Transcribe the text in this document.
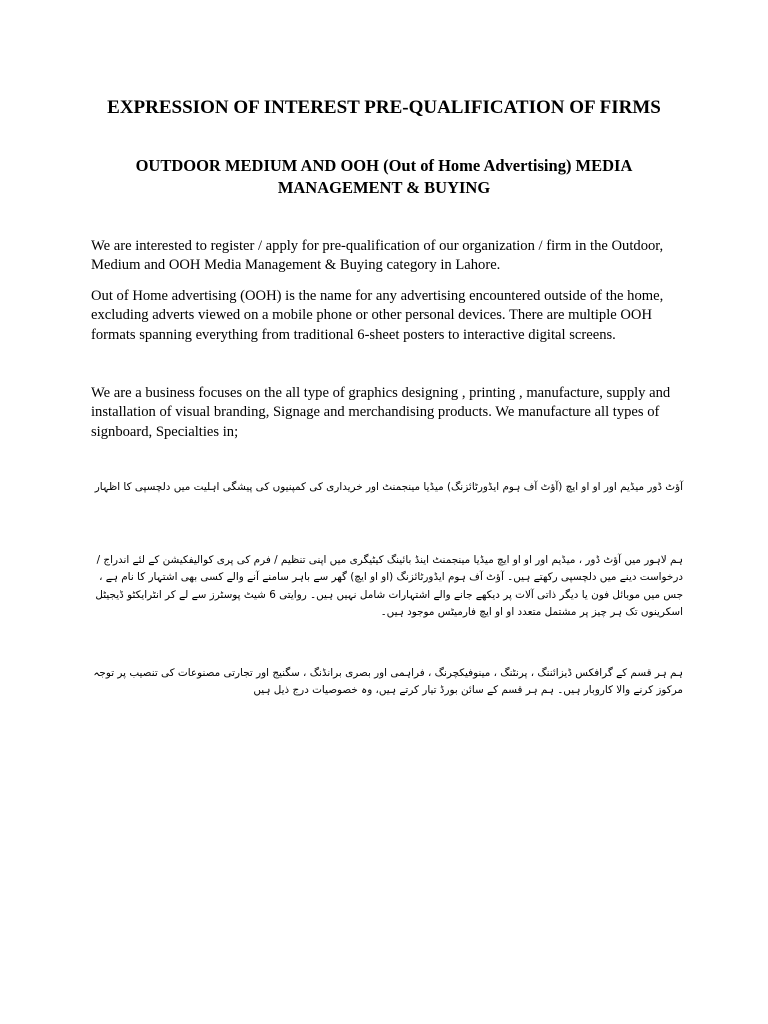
EXPRESSION OF INTEREST PRE-QUALIFICATION OF FIRMS
OUTDOOR MEDIUM AND OOH (Out of Home Advertising) MEDIA MANAGEMENT & BUYING

We are interested to register / apply for pre-qualification of our organization / firm in the Outdoor, Medium and OOH Media Management & Buying category in Lahore.

Out of Home advertising (OOH) is the name for any advertising encountered outside of the home, excluding adverts viewed on a mobile phone or other personal devices. There are multiple OOH formats spanning everything from traditional 6-sheet posters to interactive digital screens.

We are a business focuses on the all type of graphics designing , printing , manufacture, supply and installation of visual branding, Signage and merchandising products. We manufacture all types of signboard, Specialties in;

آؤٹ ڈور میڈیم اور او او ایچ (آؤٹ آف ہوم ایڈورٹائزنگ) میڈیا مینجمنٹ اور خریداری کی کمپنیوں کی پیشگی اہلیت میں دلچسپی کا اظہار

ہم لاہور میں آؤٹ ڈور ، میڈیم اور او او ایچ میڈیا مینجمنٹ اینڈ بائینگ کیٹیگری میں اپنی تنظیم / فرم کی پری کوالیفکیشن کے لئے اندراج / درخواست دینے میں دلچسپی رکھتے ہیں۔ آؤٹ آف ہوم ایڈورٹائزنگ (او او ایچ) گھر سے باہر سامنے آنے والے کسی بھی اشتہار کا نام ہے ، جس میں موبائل فون یا دیگر ذاتی آلات پر دیکھے جانے والے اشتہارات شامل نہیں ہیں۔ روایتی 6 شیٹ پوسٹرز سے لے کر انٹرایکٹو ڈیجیٹل اسکرینوں تک ہر چیز پر مشتمل متعدد او او ایچ فارمیٹس موجود ہیں۔

ہم ہر قسم کے گرافکس ڈیزائننگ ، پرنٹنگ ، مینوفیکچرنگ ، فراہمی اور بصری برانڈنگ ، سگنیج اور تجارتی مصنوعات کی تنصیب پر توجہ مرکوز کرنے والا کاروبار ہیں۔ ہم ہر قسم کے سائن بورڈ تیار کرتے ہیں، وہ خصوصیات درج ذیل ہیں
